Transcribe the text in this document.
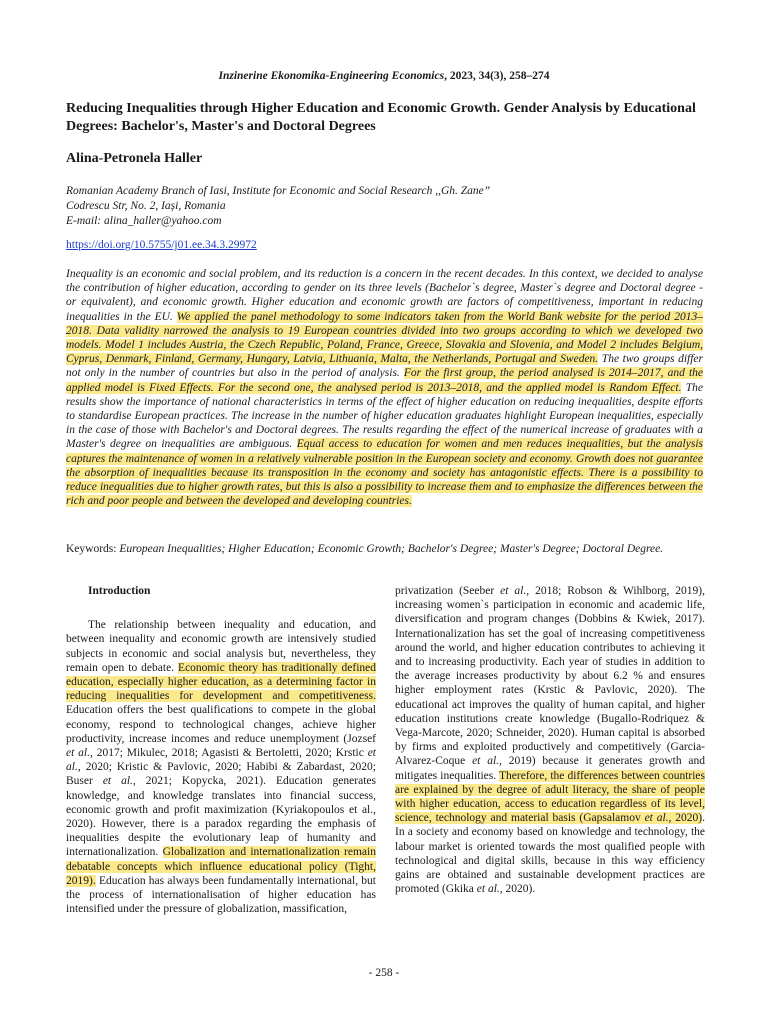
Inzinerine Ekonomika-Engineering Economics, 2023, 34(3), 258–274
Reducing Inequalities through Higher Education and Economic Growth. Gender Analysis by Educational Degrees: Bachelor's, Master's and Doctoral Degrees
Alina-Petronela Haller
Romanian Academy Branch of Iasi, Institute for Economic and Social Research ,,Gh. Zane”
Codrescu Str, No. 2, Iași, Romania
E-mail: alina_haller@yahoo.com
https://doi.org/10.5755/j01.ee.34.3.29972

Inequality is an economic and social problem, and its reduction is a concern in the recent decades. In this context, we decided to analyse the contribution of higher education, according to gender on its three levels (Bachelor`s degree, Master`s degree and Doctoral degree - or equivalent), and economic growth. Higher education and economic growth are factors of competitiveness, important in reducing inequalities in the EU. We applied the panel methodology to some indicators taken from the World Bank website for the period 2013–2018. Data validity narrowed the analysis to 19 European countries divided into two groups according to which we developed two models. Model 1 includes Austria, the Czech Republic, Poland, France, Greece, Slovakia and Slovenia, and Model 2 includes Belgium, Cyprus, Denmark, Finland, Germany, Hungary, Latvia, Lithuania, Malta, the Netherlands, Portugal and Sweden. The two groups differ not only in the number of countries but also in the period of analysis. For the first group, the period analysed is 2014–2017, and the applied model is Fixed Effects. For the second one, the analysed period is 2013–2018, and the applied model is Random Effect. The results show the importance of national characteristics in terms of the effect of higher education on reducing inequalities, despite efforts to standardise European practices. The increase in the number of higher education graduates highlight European inequalities, especially in the case of those with Bachelor's and Doctoral degrees. The results regarding the effect of the numerical increase of graduates with a Master's degree on inequalities are ambiguous. Equal access to education for women and men reduces inequalities, but the analysis captures the maintenance of women in a relatively vulnerable position in the European society and economy. Growth does not guarantee the absorption of inequalities because its transposition in the economy and society has antagonistic effects. There is a possibility to reduce inequalities due to higher growth rates, but this is also a possibility to increase them and to emphasize the differences between the rich and poor people and between the developed and developing countries.

Keywords: European Inequalities; Higher Education; Economic Growth; Bachelor's Degree; Master's Degree; Doctoral Degree.
Introduction

The relationship between inequality and education, and between inequality and economic growth are intensively studied subjects in economic and social analysis but, nevertheless, they remain open to debate. Economic theory has traditionally defined education, especially higher education, as a determining factor in reducing inequalities for development and competitiveness. Education offers the best qualifications to compete in the global economy, respond to technological changes, achieve higher productivity, increase incomes and reduce unemployment (Jozsef et al., 2017; Mikulec, 2018; Agasisti & Bertoletti, 2020; Krstic et al., 2020; Kristic & Pavlovic, 2020; Habibi & Zabardast, 2020; Buser et al., 2021; Kopycka, 2021). Education generates knowledge, and knowledge translates into financial success, economic growth and profit maximization (Kyriakopoulos et al., 2020). However, there is a paradox regarding the emphasis of inequalities despite the evolutionary leap of humanity and internationalization. Globalization and internationalization remain debatable concepts which influence educational policy (Tight, 2019). Education has always been fundamentally international, but the process of internationalisation of higher education has intensified under the pressure of globalization, massification,

privatization (Seeber et al., 2018; Robson & Wihlborg, 2019), increasing women`s participation in economic and academic life, diversification and program changes (Dobbins & Kwiek, 2017). Internationalization has set the goal of increasing competitiveness around the world, and higher education contributes to achieving it and to increasing productivity. Each year of studies in addition to the average increases productivity by about 6.2 % and ensures higher employment rates (Krstic & Pavlovic, 2020). The educational act improves the quality of human capital, and higher education institutions create knowledge (Bugallo-Rodriquez & Vega-Marcote, 2020; Schneider, 2020). Human capital is absorbed by firms and exploited productively and competitively (Garcia-Alvarez-Coque et al., 2019) because it generates growth and mitigates inequalities. Therefore, the differences between countries are explained by the degree of adult literacy, the share of people with higher education, access to education regardless of its level, science, technology and material basis (Gapsalamov et al., 2020). In a society and economy based on knowledge and technology, the labour market is oriented towards the most qualified people with technological and digital skills, because in this way efficiency gains are obtained and sustainable development practices are promoted (Gkika et al., 2020).

- 258 -
